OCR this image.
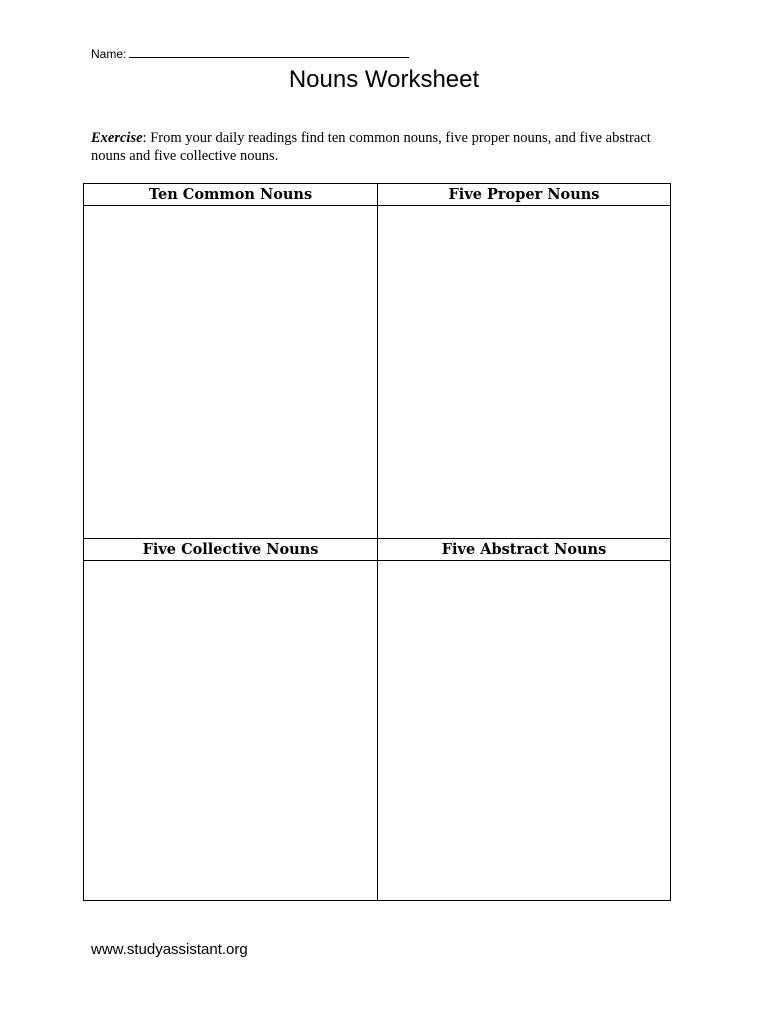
Name:
Nouns Worksheet
Exercise: From your daily readings find ten common nouns, five proper nouns, and five abstract nouns and five collective nouns.
Ten Common Nouns	Five Proper Nouns
Five Collective Nouns	Five Abstract Nouns
www.studyassistant.org
